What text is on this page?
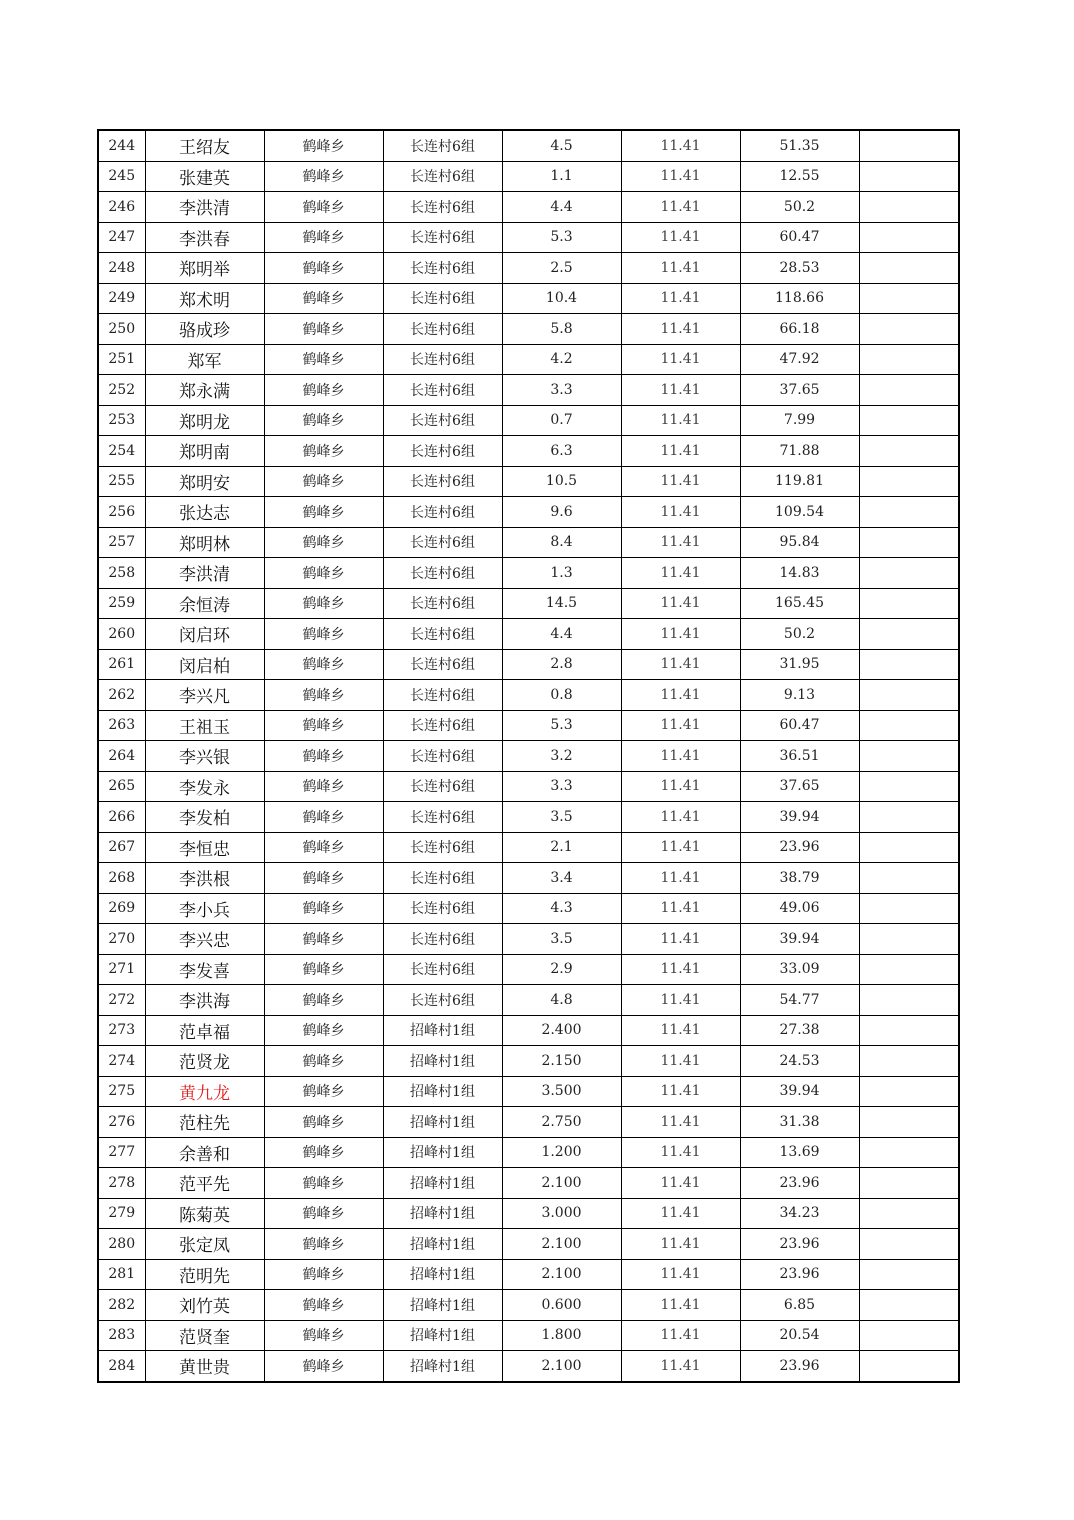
244	王绍友	鹤峰乡	长连村6组	4.5	11.41	51.35	
245	张建英	鹤峰乡	长连村6组	1.1	11.41	12.55	
246	李洪清	鹤峰乡	长连村6组	4.4	11.41	50.2	
247	李洪春	鹤峰乡	长连村6组	5.3	11.41	60.47	
248	郑明举	鹤峰乡	长连村6组	2.5	11.41	28.53	
249	郑术明	鹤峰乡	长连村6组	10.4	11.41	118.66	
250	骆成珍	鹤峰乡	长连村6组	5.8	11.41	66.18	
251	郑军	鹤峰乡	长连村6组	4.2	11.41	47.92	
252	郑永满	鹤峰乡	长连村6组	3.3	11.41	37.65	
253	郑明龙	鹤峰乡	长连村6组	0.7	11.41	7.99	
254	郑明南	鹤峰乡	长连村6组	6.3	11.41	71.88	
255	郑明安	鹤峰乡	长连村6组	10.5	11.41	119.81	
256	张达志	鹤峰乡	长连村6组	9.6	11.41	109.54	
257	郑明林	鹤峰乡	长连村6组	8.4	11.41	95.84	
258	李洪清	鹤峰乡	长连村6组	1.3	11.41	14.83	
259	余恒涛	鹤峰乡	长连村6组	14.5	11.41	165.45	
260	闵启环	鹤峰乡	长连村6组	4.4	11.41	50.2	
261	闵启柏	鹤峰乡	长连村6组	2.8	11.41	31.95	
262	李兴凡	鹤峰乡	长连村6组	0.8	11.41	9.13	
263	王祖玉	鹤峰乡	长连村6组	5.3	11.41	60.47	
264	李兴银	鹤峰乡	长连村6组	3.2	11.41	36.51	
265	李发永	鹤峰乡	长连村6组	3.3	11.41	37.65	
266	李发柏	鹤峰乡	长连村6组	3.5	11.41	39.94	
267	李恒忠	鹤峰乡	长连村6组	2.1	11.41	23.96	
268	李洪根	鹤峰乡	长连村6组	3.4	11.41	38.79	
269	李小兵	鹤峰乡	长连村6组	4.3	11.41	49.06	
270	李兴忠	鹤峰乡	长连村6组	3.5	11.41	39.94	
271	李发喜	鹤峰乡	长连村6组	2.9	11.41	33.09	
272	李洪海	鹤峰乡	长连村6组	4.8	11.41	54.77	
273	范卓福	鹤峰乡	招峰村1组	2.400	11.41	27.38	
274	范贤龙	鹤峰乡	招峰村1组	2.150	11.41	24.53	
275	黄九龙	鹤峰乡	招峰村1组	3.500	11.41	39.94	
276	范柱先	鹤峰乡	招峰村1组	2.750	11.41	31.38	
277	余善和	鹤峰乡	招峰村1组	1.200	11.41	13.69	
278	范平先	鹤峰乡	招峰村1组	2.100	11.41	23.96	
279	陈菊英	鹤峰乡	招峰村1组	3.000	11.41	34.23	
280	张定凤	鹤峰乡	招峰村1组	2.100	11.41	23.96	
281	范明先	鹤峰乡	招峰村1组	2.100	11.41	23.96	
282	刘竹英	鹤峰乡	招峰村1组	0.600	11.41	6.85	
283	范贤奎	鹤峰乡	招峰村1组	1.800	11.41	20.54	
284	黄世贵	鹤峰乡	招峰村1组	2.100	11.41	23.96	
